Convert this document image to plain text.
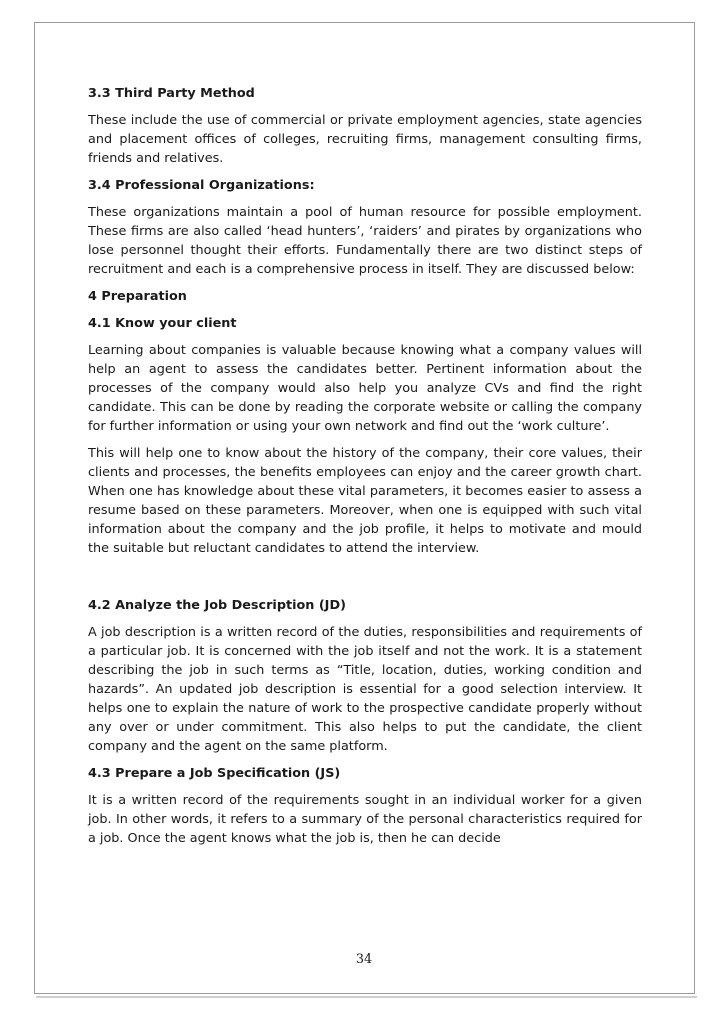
3.3 Third Party Method

These include the use of commercial or private employment agencies, state agencies and placement offices of colleges, recruiting firms, management consulting firms, friends and relatives.

3.4 Professional Organizations:

These organizations maintain a pool of human resource for possible employment. These firms are also called ‘head hunters’, ‘raiders’ and pirates by organizations who lose personnel thought their efforts. Fundamentally there are two distinct steps of recruitment and each is a comprehensive process in itself. They are discussed below:

4 Preparation
4.1 Know your client

Learning about companies is valuable because knowing what a company values will help an agent to assess the candidates better. Pertinent information about the processes of the company would also help you analyze CVs and find the right candidate. This can be done by reading the corporate website or calling the company for further information or using your own network and find out the ‘work culture’.

This will help one to know about the history of the company, their core values, their clients and processes, the benefits employees can enjoy and the career growth chart. When one has knowledge about these vital parameters, it becomes easier to assess a resume based on these parameters. Moreover, when one is equipped with such vital information about the company and the job profile, it helps to motivate and mould the suitable but reluctant candidates to attend the interview.

4.2 Analyze the Job Description (JD)

A job description is a written record of the duties, responsibilities and requirements of a particular job. It is concerned with the job itself and not the work. It is a statement describing the job in such terms as “Title, location, duties, working condition and hazards”. An updated job description is essential for a good selection interview. It helps one to explain the nature of work to the prospective candidate properly without any over or under commitment. This also helps to put the candidate, the client company and the agent on the same platform.

4.3 Prepare a Job Specification (JS)

It is a written record of the requirements sought in an individual worker for a given job. In other words, it refers to a summary of the personal characteristics required for a job. Once the agent knows what the job is, then he can decide

34
